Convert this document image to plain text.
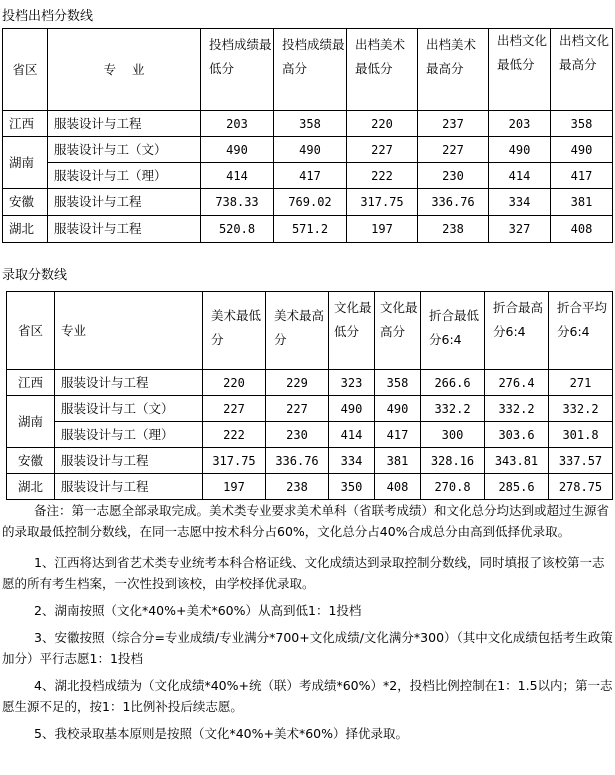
投档出档分数线
省区	专    业	投档成绩最低分	投档成绩最高分	出档美术最低分	出档美术最高分	出档文化最低分	出档文化最高分
江西	服装设计与工程	203	358	220	237	203	358
湖南	服装设计与工（文）	490	490	227	227	490	490
	服装设计与工（理）	414	417	222	230	414	417
安徽	服装设计与工程	738.33	769.02	317.75	336.76	334	381
湖北	服装设计与工程	520.8	571.2	197	238	327	408
录取分数线
省区	专业	美术最低分	美术最高分	文化最低分	文化最高分	折合最低分6:4	折合最高分6:4	折合平均分6:4
江西	服装设计与工程	220	229	323	358	266.6	276.4	271
湖南	服装设计与工（文）	227	227	490	490	332.2	332.2	332.2
	服装设计与工（理）	222	230	414	417	300	303.6	301.8
安徽	服装设计与工程	317.75	336.76	334	381	328.16	343.81	337.57
湖北	服装设计与工程	197	238	350	408	270.8	285.6	278.75

备注：第一志愿全部录取完成。美术类专业要求美术单科（省联考成绩）和文化总分均达到或超过生源省的录取最低控制分数线，在同一志愿中按术科分占60%，文化总分占40%合成总分由高到低择优录取。

1、江西将达到省艺术类专业统考本科合格证线、文化成绩达到录取控制分数线，同时填报了该校第一志愿的所有考生档案，一次性投到该校，由学校择优录取。

2、湖南按照（文化*40%+美术*60%）从高到低1：1投档

3、安徽按照（综合分=专业成绩/专业满分*700+文化成绩/文化满分*300）（其中文化成绩包括考生政策加分）平行志愿1：1投档

4、湖北投档成绩为（文化成绩*40%+统（联）考成绩*60%）*2，投档比例控制在1：1.5以内；第一志愿生源不足的，按1：1比例补投后续志愿。

5、我校录取基本原则是按照（文化*40%+美术*60%）择优录取。
